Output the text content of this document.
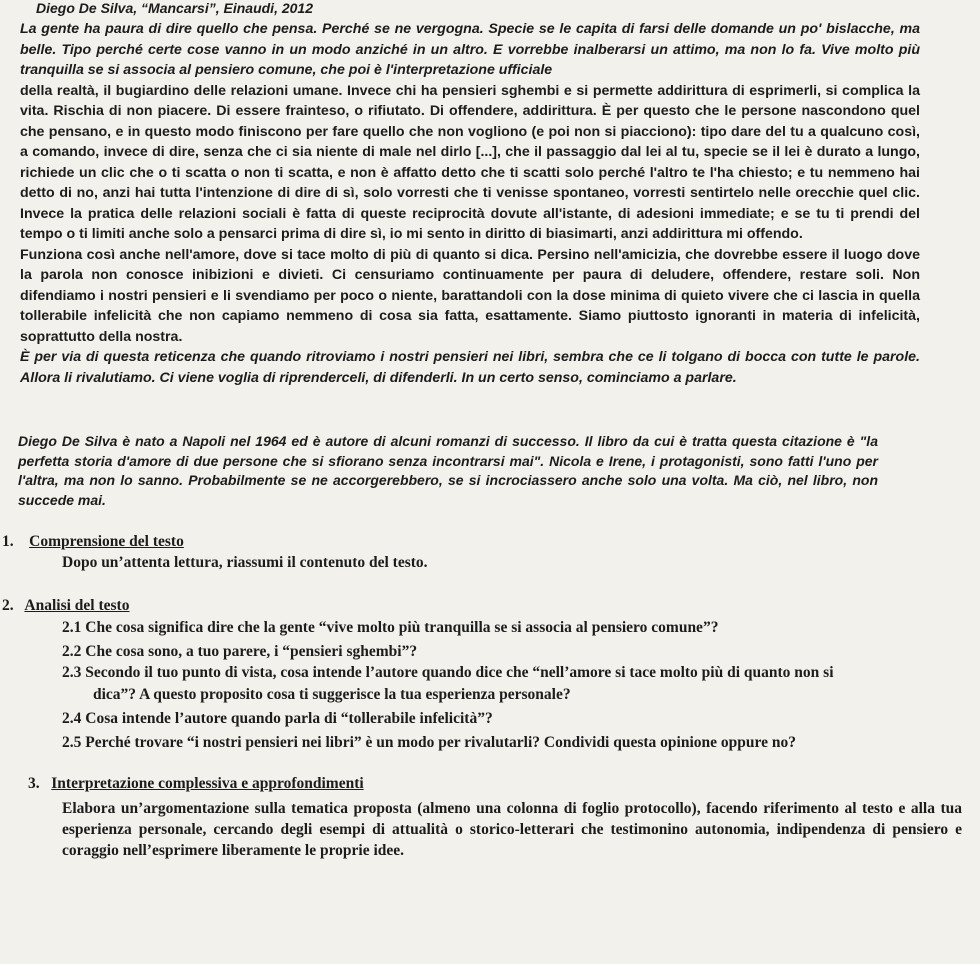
Diego De Silva, “Mancarsi”, Einaudi, 2012

La gente ha paura di dire quello che pensa. Perché se ne vergogna. Specie se le capita di farsi delle domande un po' bislacche, ma belle. Tipo perché certe cose vanno in un modo anziché in un altro. E vorrebbe inalberarsi un attimo, ma non lo fa. Vive molto più tranquilla se si associa al pensiero comune, che poi è l'interpretazione ufficiale

della realtà, il bugiardino delle relazioni umane. Invece chi ha pensieri sghembi e si permette addirittura di esprimerli, si complica la vita. Rischia di non piacere. Di essere frainteso, o rifiutato. Di offendere, addirittura. È per questo che le persone nascondono quel che pensano, e in questo modo finiscono per fare quello che non vogliono (e poi non si piacciono): tipo dare del tu a qualcuno così, a comando, invece di dire, senza che ci sia niente di male nel dirlo [...], che il passaggio dal lei al tu, specie se il lei è durato a lungo, richiede un clic che o ti scatta o non ti scatta, e non è affatto detto che ti scatti solo perché l'altro te l'ha chiesto; e tu nemmeno hai detto di no, anzi hai tutta l'intenzione di dire di sì, solo vorresti che ti venisse spontaneo, vorresti sentirtelo nelle orecchie quel clic. Invece la pratica delle relazioni sociali è fatta di queste reciprocità dovute all'istante, di adesioni immediate; e se tu ti prendi del tempo o ti limiti anche solo a pensarci prima di dire sì, io mi sento in diritto di biasimarti, anzi addirittura mi offendo.

Funziona così anche nell'amore, dove si tace molto di più di quanto si dica. Persino nell'amicizia, che dovrebbe essere il luogo dove la parola non conosce inibizioni e divieti. Ci censuriamo continuamente per paura di deludere, offendere, restare soli. Non difendiamo i nostri pensieri e li svendiamo per poco o niente, barattandoli con la dose minima di quieto vivere che ci lascia in quella tollerabile infelicità che non capiamo nemmeno di cosa sia fatta, esattamente. Siamo piuttosto ignoranti in materia di infelicità, soprattutto della nostra.

È per via di questa reticenza che quando ritroviamo i nostri pensieri nei libri, sembra che ce li tolgano di bocca con tutte le parole. Allora li rivalutiamo. Ci viene voglia di riprenderceli, di difenderli. In un certo senso, cominciamo a parlare.

Diego De Silva è nato a Napoli nel 1964 ed è autore di alcuni romanzi di successo. Il libro da cui è tratta questa citazione è "la perfetta storia d'amore di due persone che si sfiorano senza incontrarsi mai". Nicola e Irene, i protagonisti, sono fatti l'uno per l'altra, ma non lo sanno. Probabilmente se ne accorgerebbero, se si incrociassero anche solo una volta. Ma ciò, nel libro, non succede mai.
1. Comprensione del testo
Dopo un’attenta lettura, riassumi il contenuto del testo.
2. Analisi del testo
2.1 Che cosa significa dire che la gente “vive molto più tranquilla se si associa al pensiero comune”?
2.2 Che cosa sono, a tuo parere, i “pensieri sghembi”?
2.3 Secondo il tuo punto di vista, cosa intende l’autore quando dice che “nell’amore si tace molto più di quanto non si
dica”? A questo proposito cosa ti suggerisce la tua esperienza personale?
2.4 Cosa intende l’autore quando parla di “tollerabile infelicità”?
2.5 Perché trovare “i nostri pensieri nei libri” è un modo per rivalutarli? Condividi questa opinione oppure no?
3. Interpretazione complessiva e approfondimenti
Elabora un’argomentazione sulla tematica proposta (almeno una colonna di foglio protocollo), facendo riferimento al testo e alla tua esperienza personale, cercando degli esempi di attualità o storico-letterari che testimonino autonomia, indipendenza di pensiero e coraggio nell’esprimere liberamente le proprie idee.
